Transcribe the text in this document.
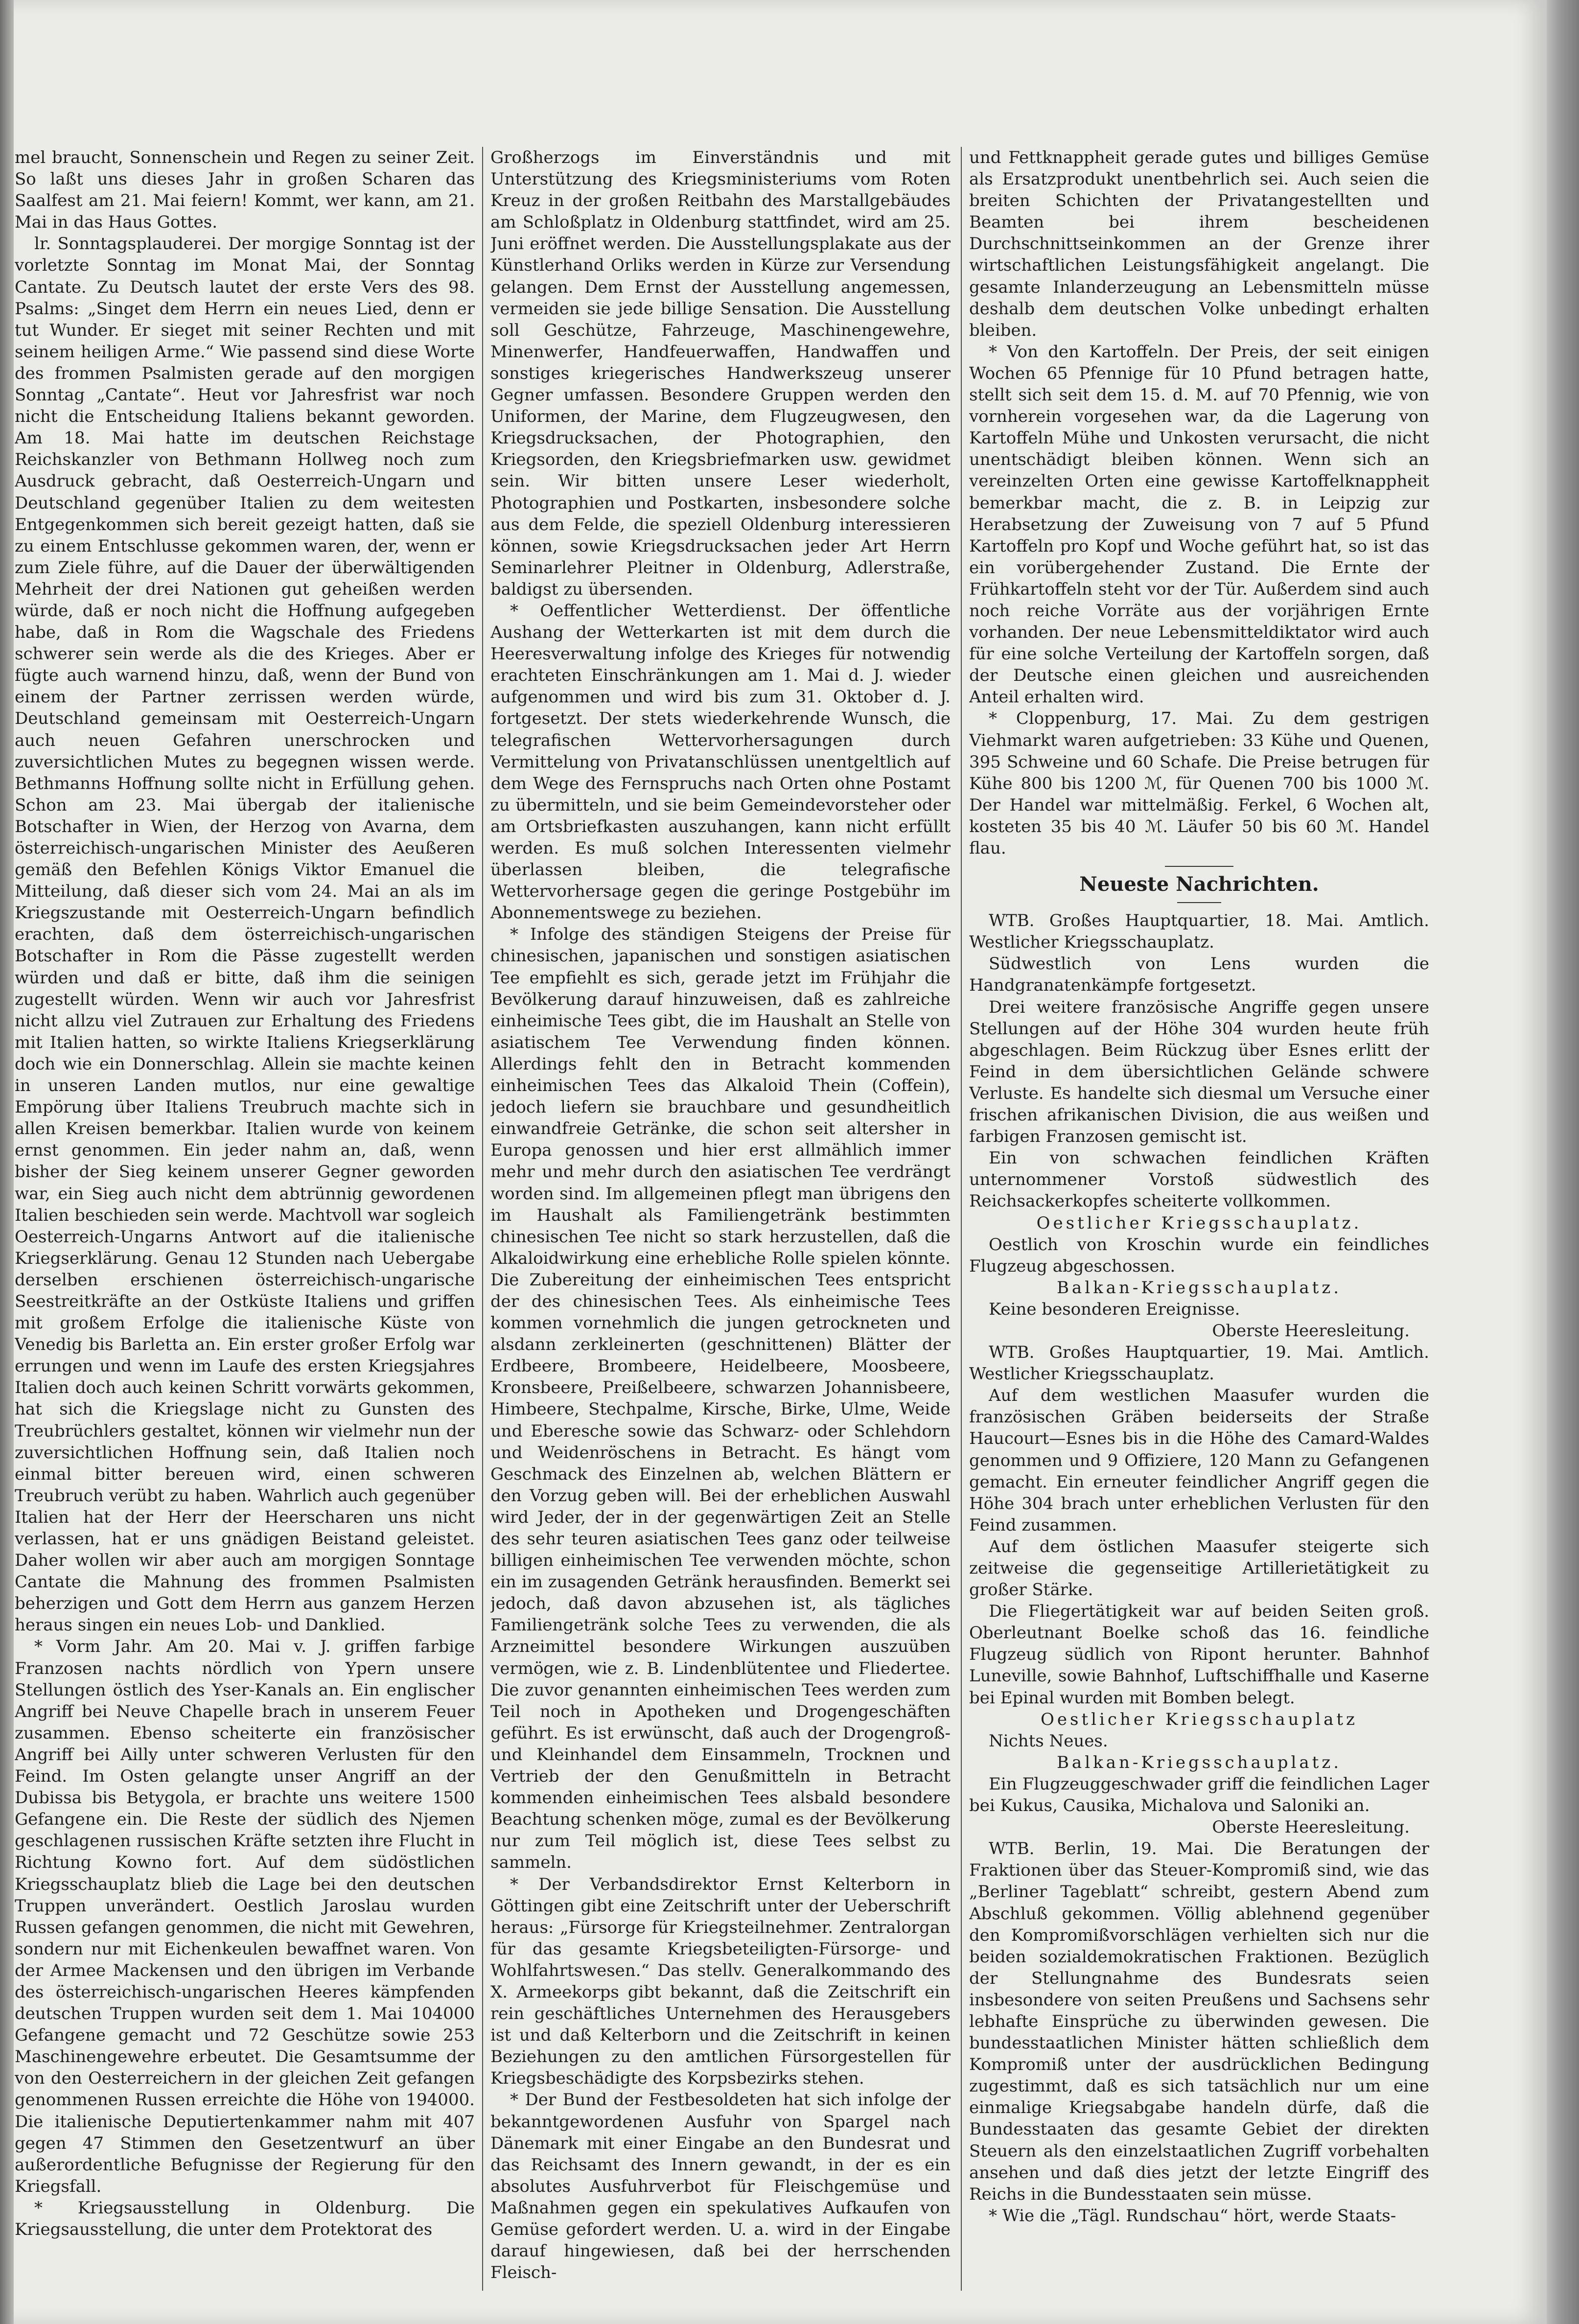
mel braucht, Sonnenschein und Regen zu seiner Zeit. So laßt uns dieses Jahr in großen Scharen das Saalfest am 21. Mai feiern! Kommt, wer kann, am 21. Mai in das Haus Gottes.

lr. Sonntagsplauderei. Der morgige Sonntag ist der vorletzte Sonntag im Monat Mai, der Sonntag Cantate. Zu Deutsch lautet der erste Vers des 98. Psalms: „Singet dem Herrn ein neues Lied, denn er tut Wunder. Er sieget mit seiner Rechten und mit seinem heiligen Arme.“ Wie passend sind diese Worte des frommen Psalmisten gerade auf den morgigen Sonntag „Cantate“. Heut vor Jahresfrist war noch nicht die Entscheidung Italiens bekannt geworden. Am 18. Mai hatte im deutschen Reichstage Reichskanzler von Bethmann Hollweg noch zum Ausdruck gebracht, daß Oesterreich-Ungarn und Deutschland gegenüber Italien zu dem weitesten Entgegenkommen sich bereit gezeigt hatten, daß sie zu einem Entschlusse gekommen waren, der, wenn er zum Ziele führe, auf die Dauer der überwältigenden Mehrheit der drei Nationen gut geheißen werden würde, daß er noch nicht die Hoffnung aufgegeben habe, daß in Rom die Wagschale des Friedens schwerer sein werde als die des Krieges. Aber er fügte auch warnend hinzu, daß, wenn der Bund von einem der Partner zerrissen werden würde, Deutschland gemeinsam mit Oesterreich-Ungarn auch neuen Gefahren unerschrocken und zuversichtlichen Mutes zu begegnen wissen werde. Bethmanns Hoffnung sollte nicht in Erfüllung gehen. Schon am 23. Mai übergab der italienische Botschafter in Wien, der Herzog von Avarna, dem österreichisch-ungarischen Minister des Aeußeren gemäß den Befehlen Königs Viktor Emanuel die Mitteilung, daß dieser sich vom 24. Mai an als im Kriegszustande mit Oesterreich-Ungarn befindlich erachten, daß dem österreichisch-ungarischen Botschafter in Rom die Pässe zugestellt werden würden und daß er bitte, daß ihm die seinigen zugestellt würden. Wenn wir auch vor Jahresfrist nicht allzu viel Zutrauen zur Erhaltung des Friedens mit Italien hatten, so wirkte Italiens Kriegserklärung doch wie ein Donnerschlag. Allein sie machte keinen in unseren Landen mutlos, nur eine gewaltige Empörung über Italiens Treubruch machte sich in allen Kreisen bemerkbar. Italien wurde von keinem ernst genommen. Ein jeder nahm an, daß, wenn bisher der Sieg keinem unserer Gegner geworden war, ein Sieg auch nicht dem abtrünnig gewordenen Italien beschieden sein werde. Machtvoll war sogleich Oesterreich-Ungarns Antwort auf die italienische Kriegserklärung. Genau 12 Stunden nach Uebergabe derselben erschienen österreichisch-ungarische Seestreitkräfte an der Ostküste Italiens und griffen mit großem Erfolge die italienische Küste von Venedig bis Barletta an. Ein erster großer Erfolg war errungen und wenn im Laufe des ersten Kriegsjahres Italien doch auch keinen Schritt vorwärts gekommen, hat sich die Kriegslage nicht zu Gunsten des Treubrüchlers gestaltet, können wir vielmehr nun der zuversichtlichen Hoffnung sein, daß Italien noch einmal bitter bereuen wird, einen schweren Treubruch verübt zu haben. Wahrlich auch gegenüber Italien hat der Herr der Heerscharen uns nicht verlassen, hat er uns gnädigen Beistand geleistet. Daher wollen wir aber auch am morgigen Sonntage Cantate die Mahnung des frommen Psalmisten beherzigen und Gott dem Herrn aus ganzem Herzen heraus singen ein neues Lob- und Danklied.

* Vorm Jahr. Am 20. Mai v. J. griffen farbige Franzosen nachts nördlich von Ypern unsere Stellungen östlich des Yser-Kanals an. Ein englischer Angriff bei Neuve Chapelle brach in unserem Feuer zusammen. Ebenso scheiterte ein französischer Angriff bei Ailly unter schweren Verlusten für den Feind. Im Osten gelangte unser Angriff an der Dubissa bis Betygola, er brachte uns weitere 1500 Gefangene ein. Die Reste der südlich des Njemen geschlagenen russischen Kräfte setzten ihre Flucht in Richtung Kowno fort. Auf dem südöstlichen Kriegsschauplatz blieb die Lage bei den deutschen Truppen unverändert. Oestlich Jaroslau wurden Russen gefangen genommen, die nicht mit Gewehren, sondern nur mit Eichenkeulen bewaffnet waren. Von der Armee Mackensen und den übrigen im Verbande des österreichisch-ungarischen Heeres kämpfenden deutschen Truppen wurden seit dem 1. Mai 104000 Gefangene gemacht und 72 Geschütze sowie 253 Maschinengewehre erbeutet. Die Gesamtsumme der von den Oesterreichern in der gleichen Zeit gefangen genommenen Russen erreichte die Höhe von 194000. Die italienische Deputiertenkammer nahm mit 407 gegen 47 Stimmen den Gesetzentwurf an über außerordentliche Befugnisse der Regierung für den Kriegsfall.

* Kriegsausstellung in Oldenburg. Die Kriegsausstellung, die unter dem Protektorat des

Großherzogs im Einverständnis und mit Unterstützung des Kriegsministeriums vom Roten Kreuz in der großen Reitbahn des Marstallgebäudes am Schloßplatz in Oldenburg stattfindet, wird am 25. Juni eröffnet werden. Die Ausstellungsplakate aus der Künstlerhand Orliks werden in Kürze zur Versendung gelangen. Dem Ernst der Ausstellung angemessen, vermeiden sie jede billige Sensation. Die Ausstellung soll Geschütze, Fahrzeuge, Maschinengewehre, Minenwerfer, Handfeuerwaffen, Handwaffen und sonstiges kriegerisches Handwerkszeug unserer Gegner umfassen. Besondere Gruppen werden den Uniformen, der Marine, dem Flugzeugwesen, den Kriegsdrucksachen, der Photographien, den Kriegsorden, den Kriegsbriefmarken usw. gewidmet sein. Wir bitten unsere Leser wiederholt, Photographien und Postkarten, insbesondere solche aus dem Felde, die speziell Oldenburg interessieren können, sowie Kriegsdrucksachen jeder Art Herrn Seminarlehrer Pleitner in Oldenburg, Adlerstraße, baldigst zu übersenden.

* Oeffentlicher Wetterdienst. Der öffentliche Aushang der Wetterkarten ist mit dem durch die Heeresverwaltung infolge des Krieges für notwendig erachteten Einschränkungen am 1. Mai d. J. wieder aufgenommen und wird bis zum 31. Oktober d. J. fortgesetzt. Der stets wiederkehrende Wunsch, die telegrafischen Wettervorhersagungen durch Vermittelung von Privatanschlüssen unentgeltlich auf dem Wege des Fernspruchs nach Orten ohne Postamt zu übermitteln, und sie beim Gemeindevorsteher oder am Ortsbriefkasten auszuhangen, kann nicht erfüllt werden. Es muß solchen Interessenten vielmehr überlassen bleiben, die telegrafische Wettervorhersage gegen die geringe Postgebühr im Abonnementswege zu beziehen.

* Infolge des ständigen Steigens der Preise für chinesischen, japanischen und sonstigen asiatischen Tee empfiehlt es sich, gerade jetzt im Frühjahr die Bevölkerung darauf hinzuweisen, daß es zahlreiche einheimische Tees gibt, die im Haushalt an Stelle von asiatischem Tee Verwendung finden können. Allerdings fehlt den in Betracht kommenden einheimischen Tees das Alkaloid Thein (Coffein), jedoch liefern sie brauchbare und gesundheitlich einwandfreie Getränke, die schon seit altersher in Europa genossen und hier erst allmählich immer mehr und mehr durch den asiatischen Tee verdrängt worden sind. Im allgemeinen pflegt man übrigens den im Haushalt als Familiengetränk bestimmten chinesischen Tee nicht so stark herzustellen, daß die Alkaloidwirkung eine erhebliche Rolle spielen könnte. Die Zubereitung der einheimischen Tees entspricht der des chinesischen Tees. Als einheimische Tees kommen vornehmlich die jungen getrockneten und alsdann zerkleinerten (geschnittenen) Blätter der Erdbeere, Brombeere, Heidelbeere, Moosbeere, Kronsbeere, Preißelbeere, schwarzen Johannisbeere, Himbeere, Stechpalme, Kirsche, Birke, Ulme, Weide und Eberesche sowie das Schwarz- oder Schlehdorn und Weidenröschens in Betracht. Es hängt vom Geschmack des Einzelnen ab, welchen Blättern er den Vorzug geben will. Bei der erheblichen Auswahl wird Jeder, der in der gegenwärtigen Zeit an Stelle des sehr teuren asiatischen Tees ganz oder teilweise billigen einheimischen Tee verwenden möchte, schon ein im zusagenden Getränk herausfinden. Bemerkt sei jedoch, daß davon abzusehen ist, als tägliches Familiengetränk solche Tees zu verwenden, die als Arzneimittel besondere Wirkungen auszuüben vermögen, wie z. B. Lindenblütentee und Fliedertee. Die zuvor genannten einheimischen Tees werden zum Teil noch in Apotheken und Drogengeschäften geführt. Es ist erwünscht, daß auch der Drogengroß- und Kleinhandel dem Einsammeln, Trocknen und Vertrieb der den Genußmitteln in Betracht kommenden einheimischen Tees alsbald besondere Beachtung schenken möge, zumal es der Bevölkerung nur zum Teil möglich ist, diese Tees selbst zu sammeln.

* Der Verbandsdirektor Ernst Kelterborn in Göttingen gibt eine Zeitschrift unter der Ueberschrift heraus: „Fürsorge für Kriegsteilnehmer. Zentralorgan für das gesamte Kriegsbeteiligten-Fürsorge- und Wohlfahrtswesen.“ Das stellv. Generalkommando des X. Armeekorps gibt bekannt, daß die Zeitschrift ein rein geschäftliches Unternehmen des Herausgebers ist und daß Kelterborn und die Zeitschrift in keinen Beziehungen zu den amtlichen Fürsorgestellen für Kriegsbeschädigte des Korpsbezirks stehen.

* Der Bund der Festbesoldeten hat sich infolge der bekanntgewordenen Ausfuhr von Spargel nach Dänemark mit einer Eingabe an den Bundesrat und das Reichsamt des Innern gewandt, in der es ein absolutes Ausfuhrverbot für Fleischgemüse und Maßnahmen gegen ein spekulatives Aufkaufen von Gemüse gefordert werden. U. a. wird in der Eingabe darauf hingewiesen, daß bei der herrschenden Fleisch-

und Fettknappheit gerade gutes und billiges Gemüse als Ersatzprodukt unentbehrlich sei. Auch seien die breiten Schichten der Privatangestellten und Beamten bei ihrem bescheidenen Durchschnittseinkommen an der Grenze ihrer wirtschaftlichen Leistungsfähigkeit angelangt. Die gesamte Inlanderzeugung an Lebensmitteln müsse deshalb dem deutschen Volke unbedingt erhalten bleiben.

* Von den Kartoffeln. Der Preis, der seit einigen Wochen 65 Pfennige für 10 Pfund betragen hatte, stellt sich seit dem 15. d. M. auf 70 Pfennig, wie von vornherein vorgesehen war, da die Lagerung von Kartoffeln Mühe und Unkosten verursacht, die nicht unentschädigt bleiben können. Wenn sich an vereinzelten Orten eine gewisse Kartoffelknappheit bemerkbar macht, die z. B. in Leipzig zur Herabsetzung der Zuweisung von 7 auf 5 Pfund Kartoffeln pro Kopf und Woche geführt hat, so ist das ein vorübergehender Zustand. Die Ernte der Frühkartoffeln steht vor der Tür. Außerdem sind auch noch reiche Vorräte aus der vorjährigen Ernte vorhanden. Der neue Lebensmitteldiktator wird auch für eine solche Verteilung der Kartoffeln sorgen, daß der Deutsche einen gleichen und ausreichenden Anteil erhalten wird.

* Cloppenburg, 17. Mai. Zu dem gestrigen Viehmarkt waren aufgetrieben: 33 Kühe und Quenen, 395 Schweine und 60 Schafe. Die Preise betrugen für Kühe 800 bis 1200 ℳ, für Quenen 700 bis 1000 ℳ. Der Handel war mittelmäßig. Ferkel, 6 Wochen alt, kosteten 35 bis 40 ℳ. Läufer 50 bis 60 ℳ. Handel flau.

Neueste Nachrichten.

WTB. Großes Hauptquartier, 18. Mai. Amtlich. Westlicher Kriegsschauplatz.

Südwestlich von Lens wurden die Handgranatenkämpfe fortgesetzt.

Drei weitere französische Angriffe gegen unsere Stellungen auf der Höhe 304 wurden heute früh abgeschlagen. Beim Rückzug über Esnes erlitt der Feind in dem übersichtlichen Gelände schwere Verluste. Es handelte sich diesmal um Versuche einer frischen afrikanischen Division, die aus weißen und farbigen Franzosen gemischt ist.

Ein von schwachen feindlichen Kräften unternommener Vorstoß südwestlich des Reichsackerkopfes scheiterte vollkommen.

Oestlicher Kriegsschauplatz.

Oestlich von Kroschin wurde ein feindliches Flugzeug abgeschossen.

Balkan-Kriegsschauplatz.

Keine besonderen Ereignisse.

Oberste Heeresleitung.

WTB. Großes Hauptquartier, 19. Mai. Amtlich. Westlicher Kriegsschauplatz.

Auf dem westlichen Maasufer wurden die französischen Gräben beiderseits der Straße Haucourt—Esnes bis in die Höhe des Camard-Waldes genommen und 9 Offiziere, 120 Mann zu Gefangenen gemacht. Ein erneuter feindlicher Angriff gegen die Höhe 304 brach unter erheblichen Verlusten für den Feind zusammen.

Auf dem östlichen Maasufer steigerte sich zeitweise die gegenseitige Artillerietätigkeit zu großer Stärke.

Die Fliegertätigkeit war auf beiden Seiten groß. Oberleutnant Boelke schoß das 16. feindliche Flugzeug südlich von Ripont herunter. Bahnhof Luneville, sowie Bahnhof, Luftschiffhalle und Kaserne bei Epinal wurden mit Bomben belegt.

Oestlicher Kriegsschauplatz

Nichts Neues.

Balkan-Kriegsschauplatz.

Ein Flugzeuggeschwader griff die feindlichen Lager bei Kukus, Causika, Michalova und Saloniki an.

Oberste Heeresleitung.

WTB. Berlin, 19. Mai. Die Beratungen der Fraktionen über das Steuer-Kompromiß sind, wie das „Berliner Tageblatt“ schreibt, gestern Abend zum Abschluß gekommen. Völlig ablehnend gegenüber den Kompromißvorschlägen verhielten sich nur die beiden sozialdemokratischen Fraktionen. Bezüglich der Stellungnahme des Bundesrats seien insbesondere von seiten Preußens und Sachsens sehr lebhafte Einsprüche zu überwinden gewesen. Die bundesstaatlichen Minister hätten schließlich dem Kompromiß unter der ausdrücklichen Bedingung zugestimmt, daß es sich tatsächlich nur um eine einmalige Kriegsabgabe handeln dürfe, daß die Bundesstaaten das gesamte Gebiet der direkten Steuern als den einzelstaatlichen Zugriff vorbehalten ansehen und daß dies jetzt der letzte Eingriff des Reichs in die Bundesstaaten sein müsse.

* Wie die „Tägl. Rundschau“ hört, werde Staats-
